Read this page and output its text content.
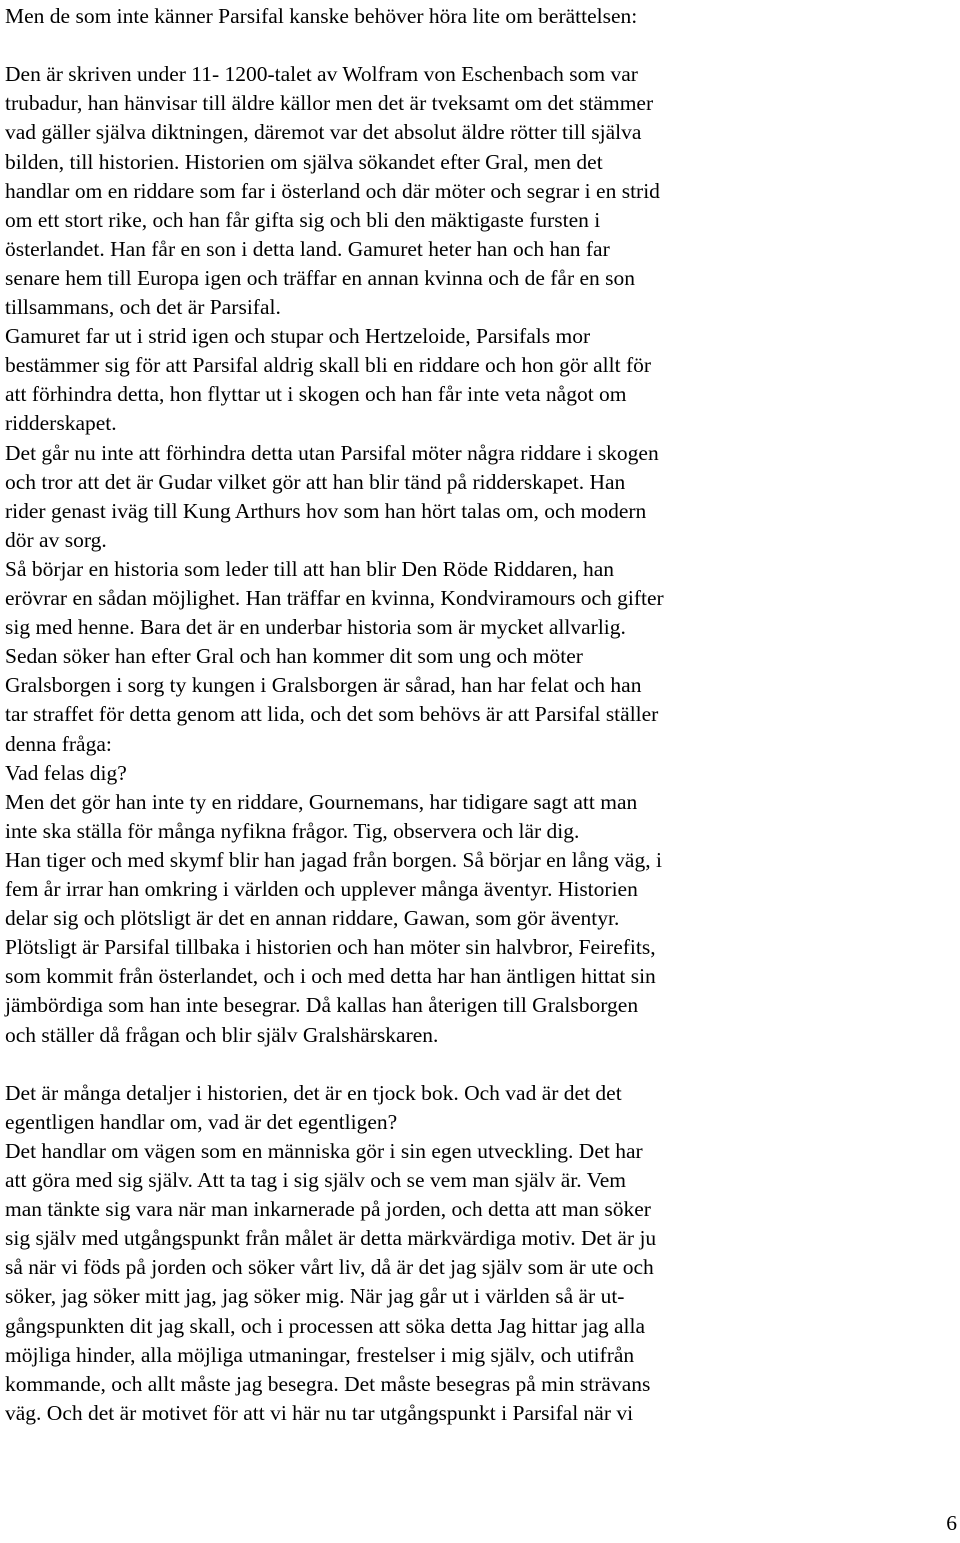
Men de som inte känner Parsifal kanske behöver höra lite om berättelsen:
Den är skriven under 11- 1200-talet av Wolfram von Eschenbach som var
trubadur, han hänvisar till äldre källor men det är tveksamt om det stämmer
vad gäller själva diktningen, däremot var det absolut äldre rötter till själva
bilden, till historien. Historien om själva sökandet efter Gral, men det
handlar om en riddare som far i österland och där möter och segrar i en strid
om ett stort rike, och han får gifta sig och bli den mäktigaste fursten i
österlandet. Han får en son i detta land. Gamuret heter han och han far
senare hem till Europa igen och träffar en annan kvinna och de får en son
tillsammans, och det är Parsifal.
Gamuret far ut i strid igen och stupar och Hertzeloide, Parsifals mor
bestämmer sig för att Parsifal aldrig skall bli en riddare och hon gör allt för
att förhindra detta, hon flyttar ut i skogen och han får inte veta något om
ridderskapet.
Det går nu inte att förhindra detta utan Parsifal möter några riddare i skogen
och tror att det är Gudar vilket gör att han blir tänd på ridderskapet. Han
rider genast iväg till Kung Arthurs hov som han hört talas om, och modern
dör av sorg.
Så börjar en historia som leder till att han blir Den Röde Riddaren, han
erövrar en sådan möjlighet. Han träffar en kvinna, Kondviramours och gifter
sig med henne. Bara det är en underbar historia som är mycket allvarlig.
Sedan söker han efter Gral och han kommer dit som ung och möter
Gralsborgen i sorg ty kungen i Gralsborgen är sårad, han har felat och han
tar straffet för detta genom att lida, och det som behövs är att Parsifal ställer
denna fråga:
Vad felas dig?
Men det gör han inte ty en riddare, Gournemans, har tidigare sagt att man
inte ska ställa för många nyfikna frågor. Tig, observera och lär dig.
Han tiger och med skymf blir han jagad från borgen. Så börjar en lång väg, i
fem år irrar han omkring i världen och upplever många äventyr. Historien
delar sig och plötsligt är det en annan riddare, Gawan, som gör äventyr.
Plötsligt är Parsifal tillbaka i historien och han möter sin halvbror, Feirefits,
som kommit från österlandet, och i och med detta har han äntligen hittat sin
jämbördiga som han inte besegrar. Då kallas han återigen till Gralsborgen
och ställer då frågan och blir själv Gralshärskaren.
Det är många detaljer i historien, det är en tjock bok. Och vad är det det
egentligen handlar om, vad är det egentligen?
Det handlar om vägen som en människa gör i sin egen utveckling. Det har
att göra med sig själv. Att ta tag i sig själv och se vem man själv är. Vem
man tänkte sig vara när man inkarnerade på jorden, och detta att man söker
sig själv med utgångspunkt från målet är detta märkvärdiga motiv. Det är ju
så när vi föds på jorden och söker vårt liv, då är det jag själv som är ute och
söker, jag söker mitt jag, jag söker mig. När jag går ut i världen så är ut-
gångspunkten dit jag skall, och i processen att söka detta Jag hittar jag alla
möjliga hinder, alla möjliga utmaningar, frestelser i mig själv, och utifrån
kommande, och allt måste jag besegra. Det måste besegras på min strävans
väg. Och det är motivet för att vi här nu tar utgångspunkt i Parsifal när vi
6
